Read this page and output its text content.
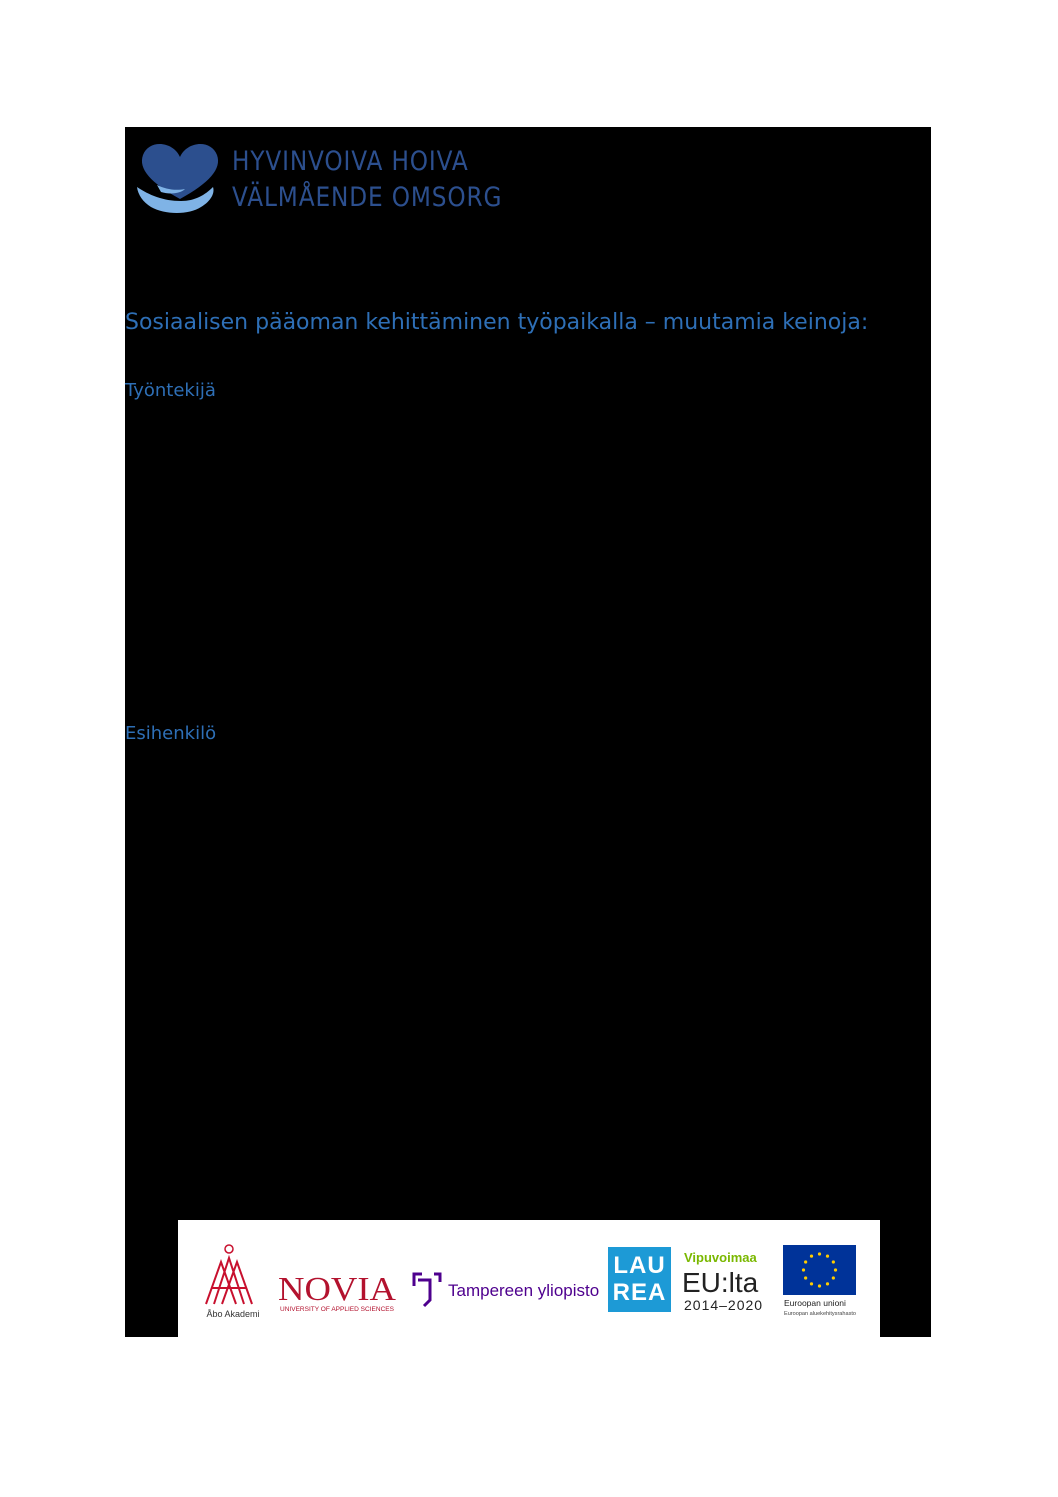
HYVINVOIVA HOIVA
VÄLMÅENDE OMSORG
Sosiaalisen pääoman kehittäminen työpaikalla – muutamia keinoja:
Työntekijä
Esihenkilö
Åbo Akademi
NOVIA
UNIVERSITY OF APPLIED SCIENCES
Tampereen yliopisto
LAU
REA
Vipuvoimaa
EU:lta
2014–2020 Euroopan unioni
Euroopan aluekehitysrahasto
